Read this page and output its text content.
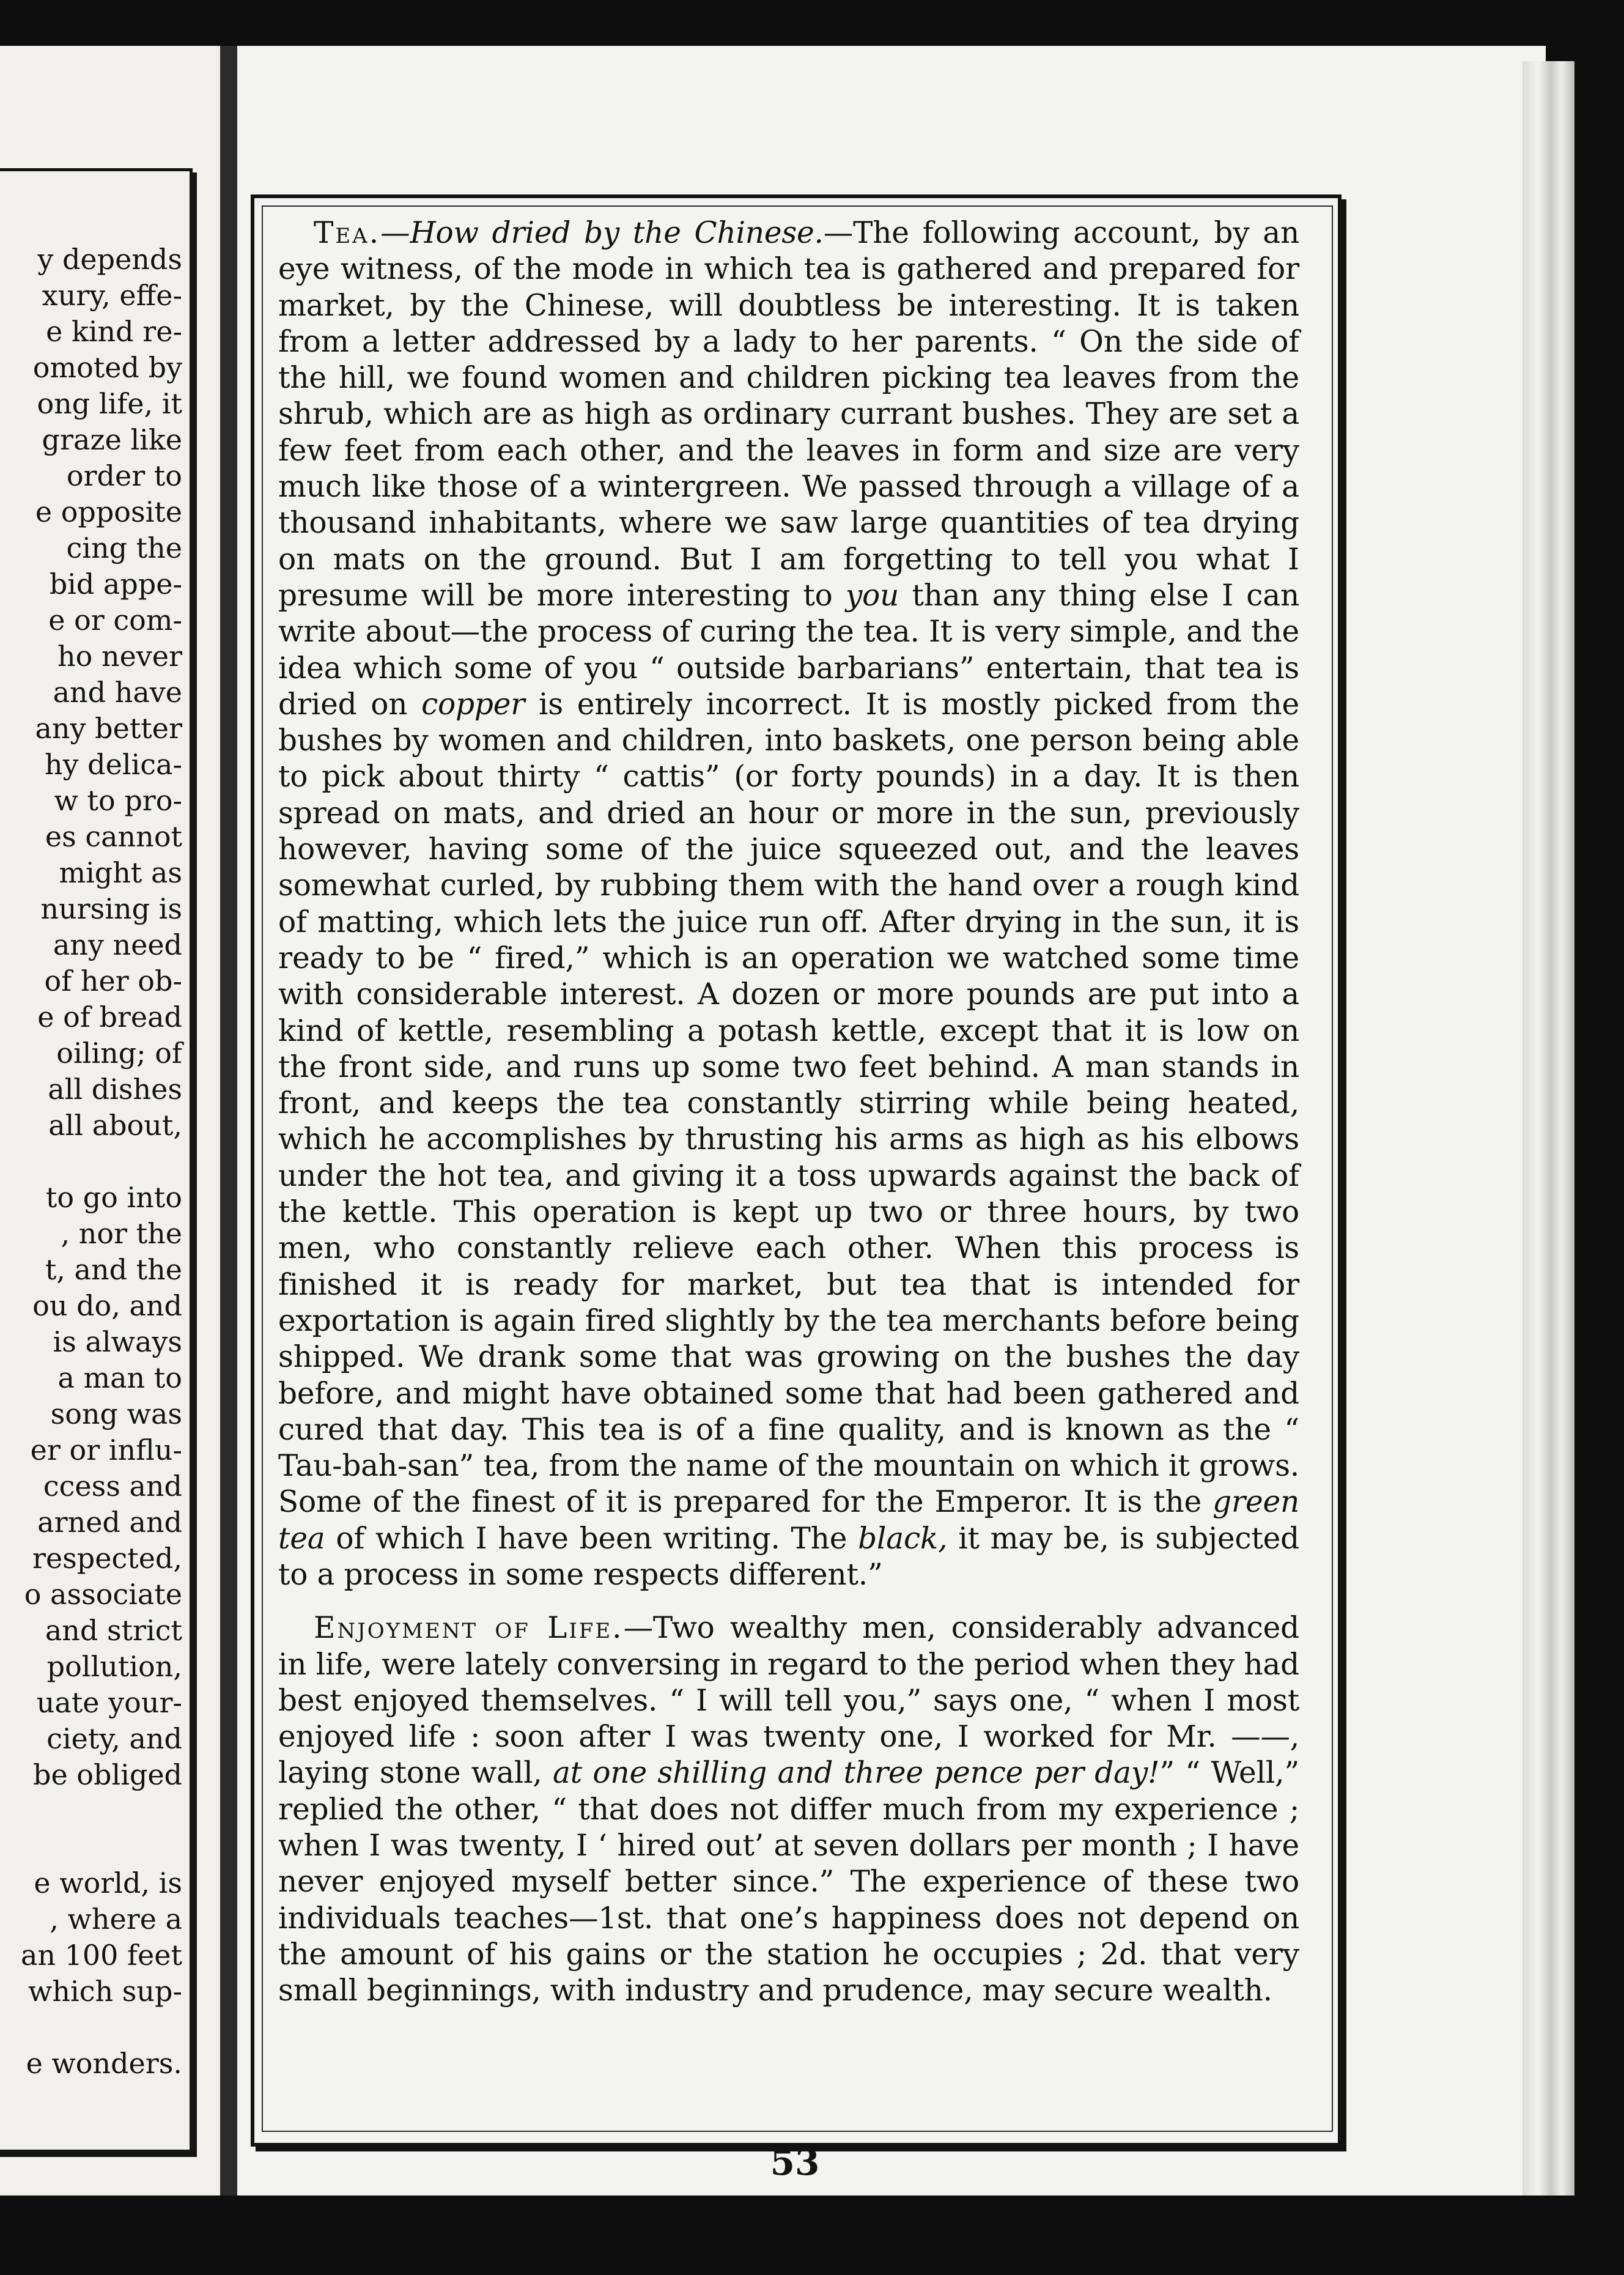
y depends
xury, effe-
e kind re-
omoted by
ong life, it
graze like
order to
e opposite
cing the
bid appe-
e or com-
ho never
and have
any better
hy delica-
w to pro-
es cannot
might as
nursing is
any need
of her ob-
e of bread
oiling; of
all dishes
all about,
to go into
, nor the
t, and the
ou do, and
is always
a man to
song was
er or influ-
ccess and
arned and
respected,
o associate
and strict
pollution,
uate your-
ciety, and
be obliged
e world, is
, where a
an 100 feet
which sup-
e wonders.

Tea.—How dried by the Chinese.—The following account, by an eye witness, of the mode in which tea is gathered and prepared for market, by the Chinese, will doubtless be interesting. It is taken from a letter addressed by a lady to her parents. “ On the side of the hill, we found women and children picking tea leaves from the shrub, which are as high as ordinary currant bushes. They are set a few feet from each other, and the leaves in form and size are very much like those of a wintergreen. We passed through a village of a thousand inhabitants, where we saw large quantities of tea drying on mats on the ground. But I am forgetting to tell you what I presume will be more interesting to you than any thing else I can write about—the process of curing the tea. It is very simple, and the idea which some of you “ outside barbarians” entertain, that tea is dried on copper is entirely incorrect. It is mostly picked from the bushes by women and children, into baskets, one person being able to pick about thirty “ cattis” (or forty pounds) in a day. It is then spread on mats, and dried an hour or more in the sun, previously however, having some of the juice squeezed out, and the leaves somewhat curled, by rubbing them with the hand over a rough kind of matting, which lets the juice run off. After drying in the sun, it is ready to be “ fired,” which is an operation we watched some time with considerable interest. A dozen or more pounds are put into a kind of kettle, resembling a potash kettle, except that it is low on the front side, and runs up some two feet behind. A man stands in front, and keeps the tea constantly stirring while being heated, which he accomplishes by thrusting his arms as high as his elbows under the hot tea, and giving it a toss upwards against the back of the kettle. This operation is kept up two or three hours, by two men, who constantly relieve each other. When this process is finished it is ready for market, but tea that is intended for exportation is again fired slightly by the tea merchants before being shipped. We drank some that was growing on the bushes the day before, and might have obtained some that had been gathered and cured that day. This tea is of a fine quality, and is known as the “ Tau-bah-san” tea, from the name of the mountain on which it grows. Some of the finest of it is prepared for the Emperor. It is the green tea of which I have been writing. The black, it may be, is subjected to a process in some respects different.”

Enjoyment of Life.—Two wealthy men, considerably advanced in life, were lately conversing in regard to the period when they had best enjoyed themselves. “ I will tell you,” says one, “ when I most enjoyed life : soon after I was twenty one, I worked for Mr. ——, laying stone wall, at one shilling and three pence per day!” “ Well,” replied the other, “ that does not differ much from my experience ; when I was twenty, I ‘ hired out’ at seven dollars per month ; I have never enjoyed myself better since.” The experience of these two individuals teaches—1st. that one’s happiness does not depend on the amount of his gains or the station he occupies ; 2d. that very small beginnings, with industry and prudence, may secure wealth.

53
